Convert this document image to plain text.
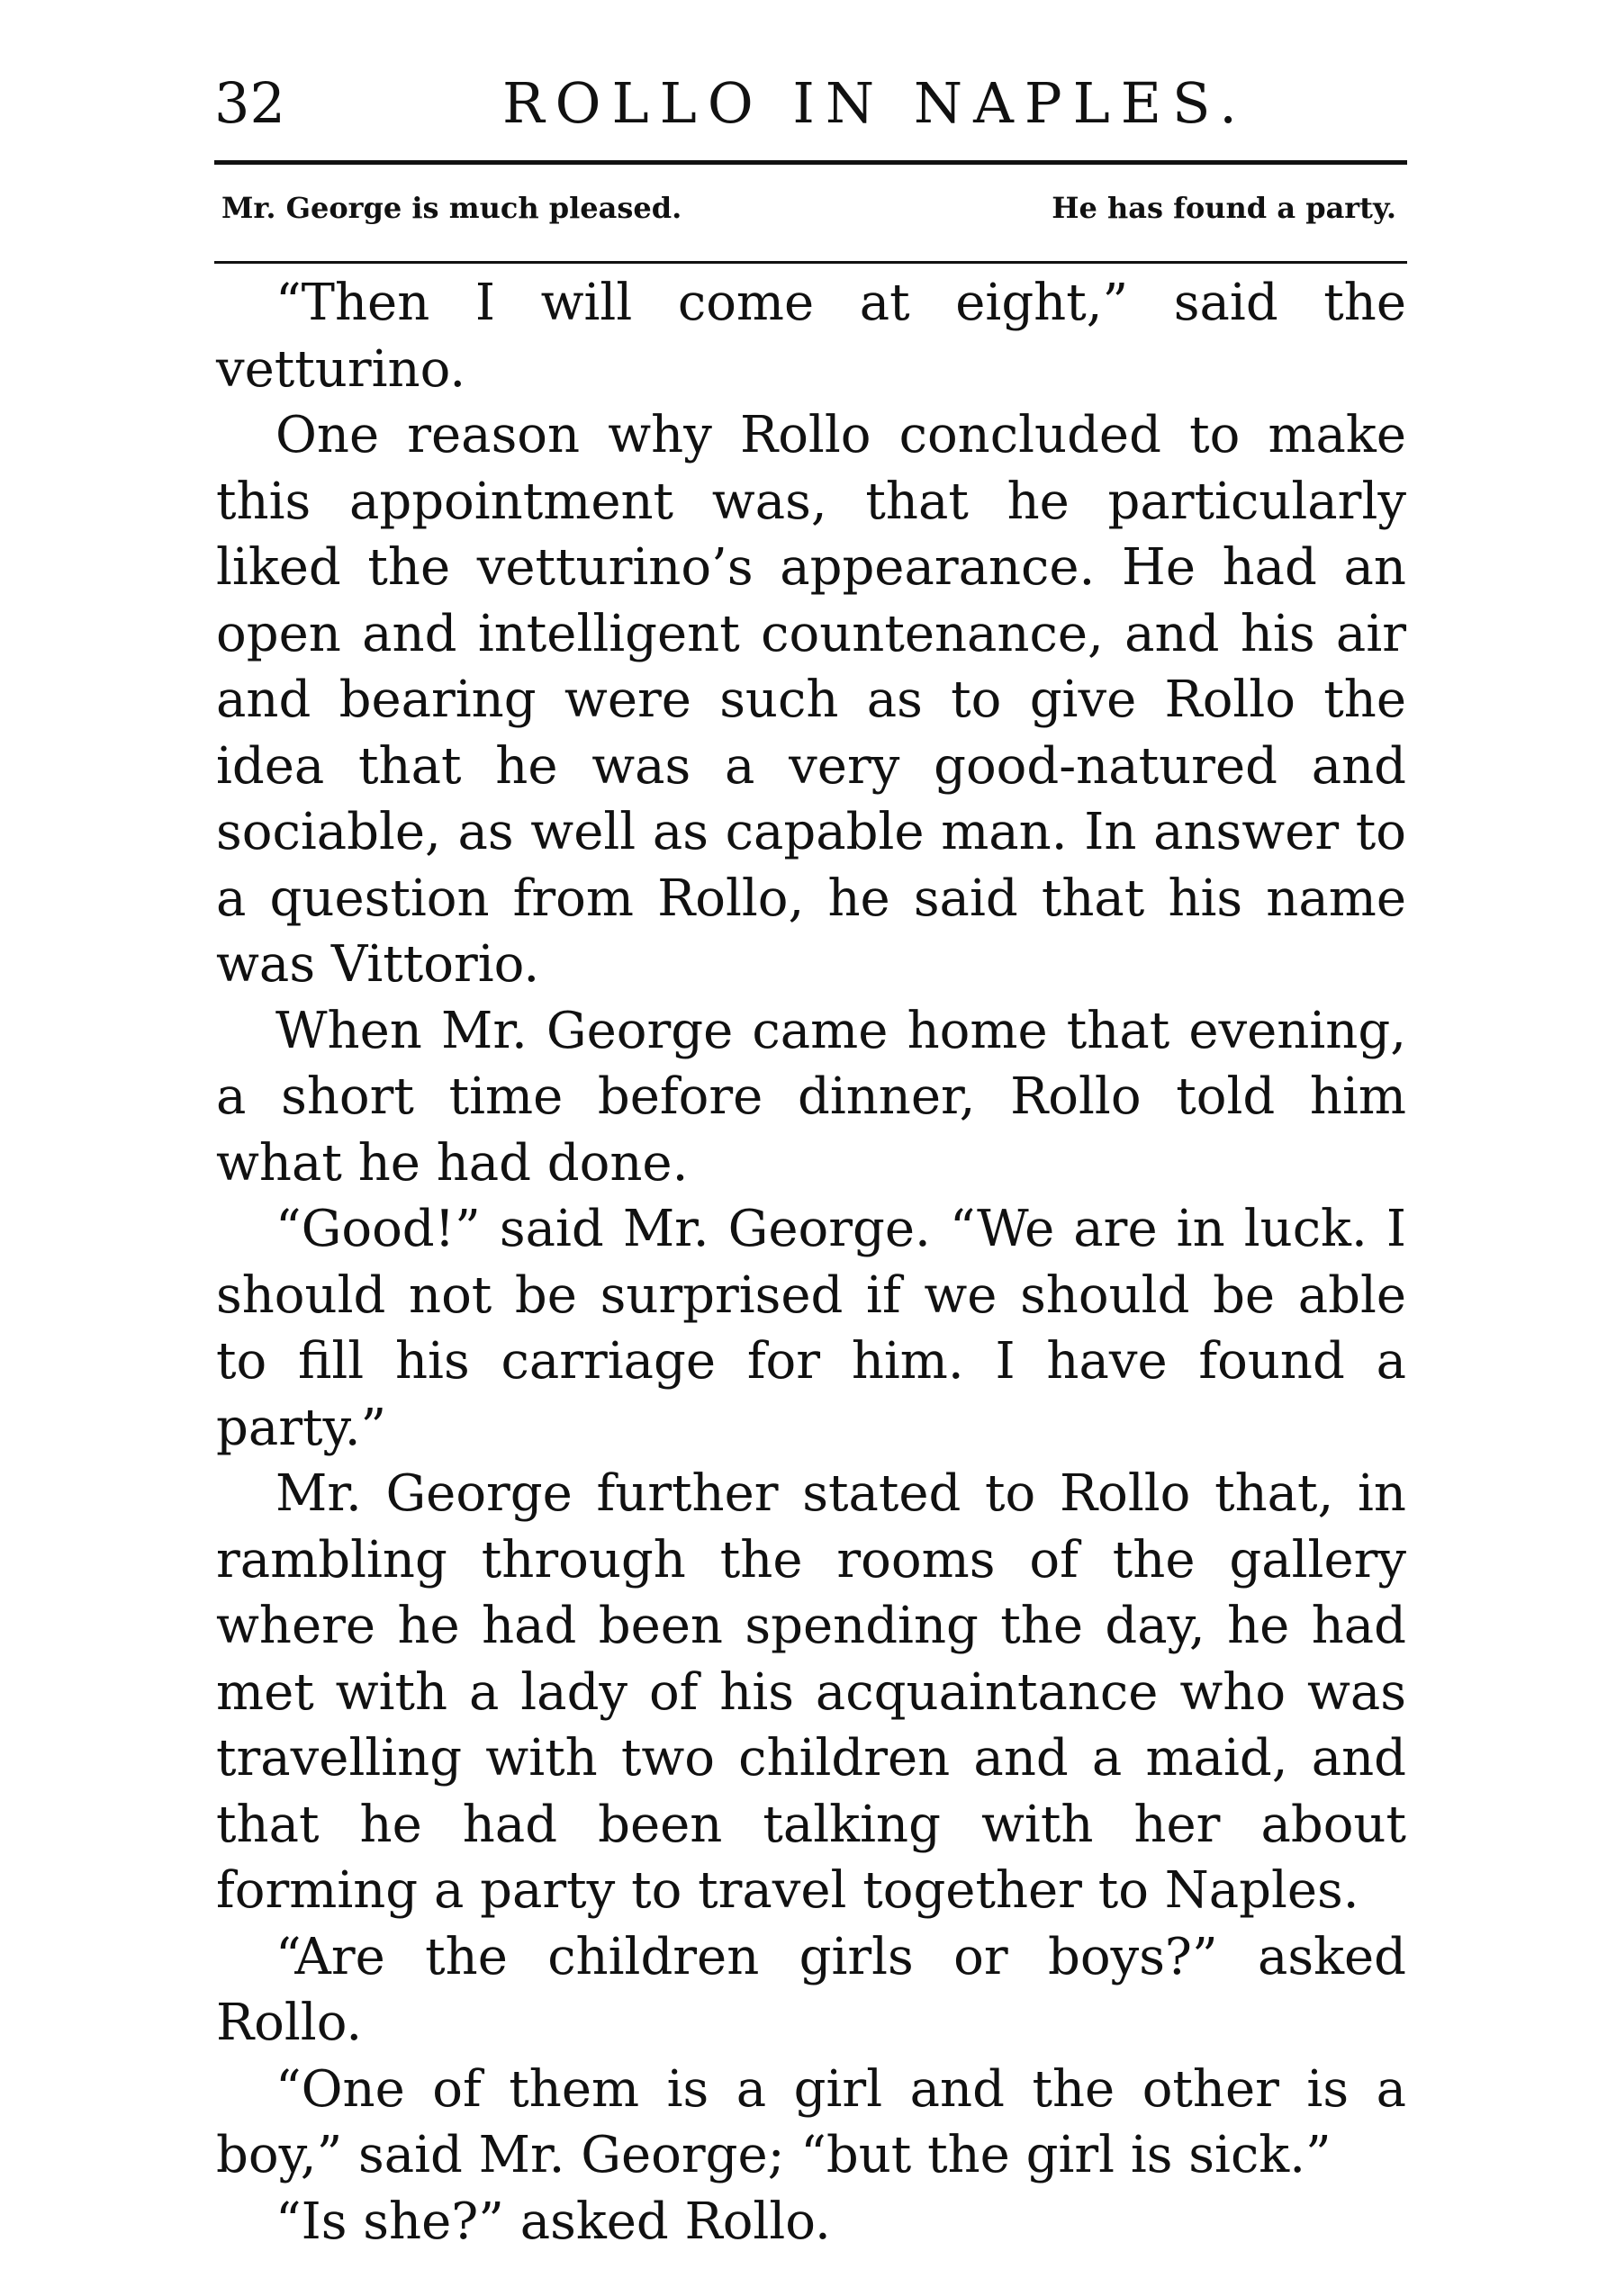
32	ROLLO IN NAPLES.
Mr. George is much pleased.	He has found a party.

“Then I will come at eight,” said the vetturino.

One reason why Rollo concluded to make this appointment was, that he particularly liked the vetturino’s appearance. He had an open and intelligent countenance, and his air and bearing were such as to give Rollo the idea that he was a very good-natured and sociable, as well as capable man. In answer to a question from Rollo, he said that his name was Vittorio.

When Mr. George came home that evening, a short time before dinner, Rollo told him what he had done.

“Good!” said Mr. George. “We are in luck. I should not be surprised if we should be able to fill his carriage for him. I have found a party.”

Mr. George further stated to Rollo that, in rambling through the rooms of the gallery where he had been spending the day, he had met with a lady of his acquaintance who was travelling with two children and a maid, and that he had been talking with her about forming a party to travel together to Naples.

“Are the children girls or boys?” asked Rollo.

“One of them is a girl and the other is a boy,” said Mr. George; “but the girl is sick.”

“Is she?” asked Rollo.
